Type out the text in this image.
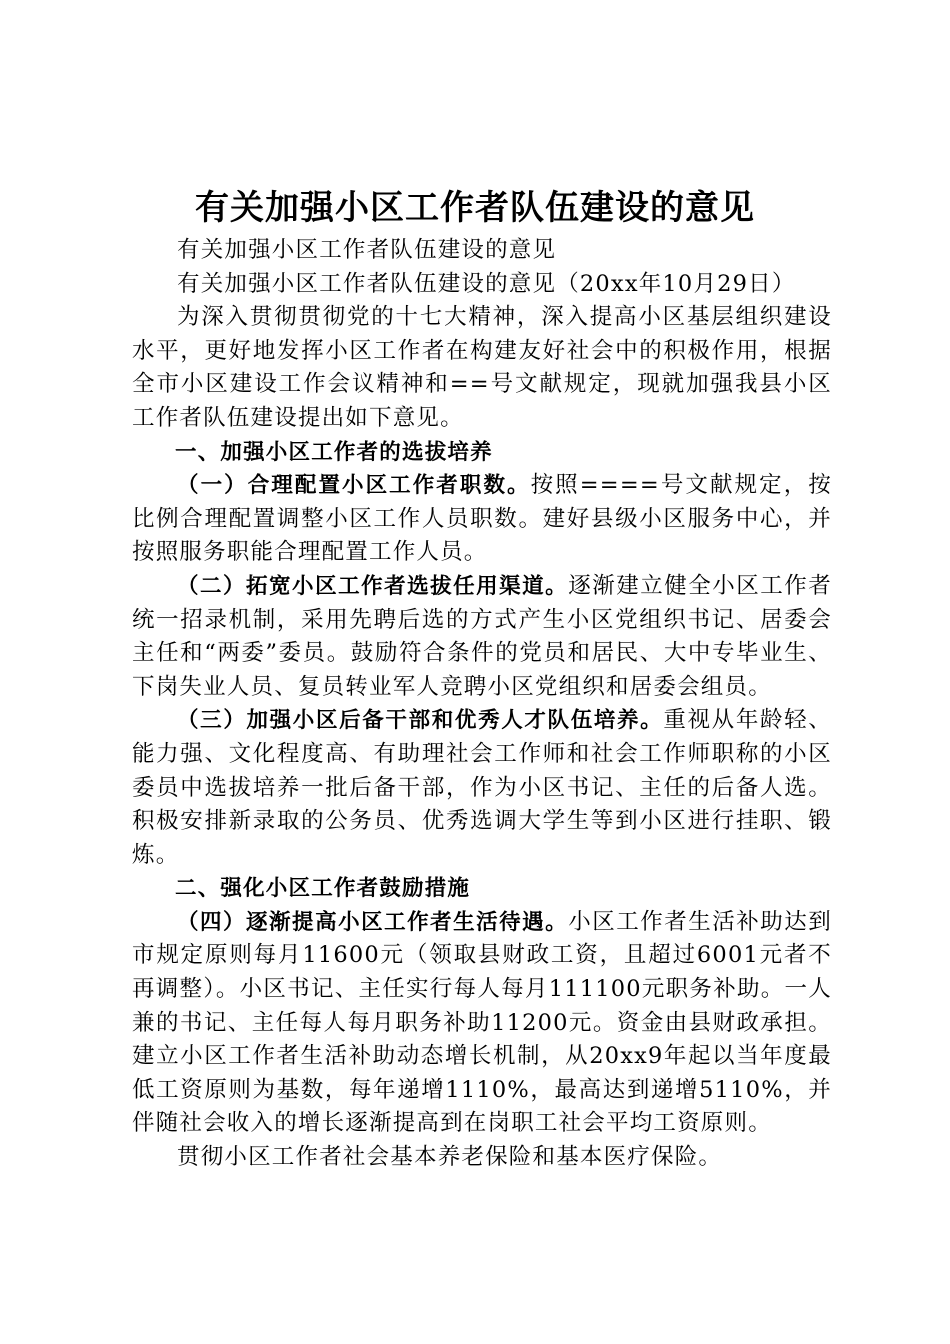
有关加强小区工作者队伍建设的意见

有关加强小区工作者队伍建设的意见

有关加强小区工作者队伍建设的意见（20xx年10月29日）

为深入贯彻贯彻党的十七大精神，深入提高小区基层组织建设水平，更好地发挥小区工作者在构建友好社会中的积极作用，根据全市小区建设工作会议精神和==号文献规定，现就加强我县小区工作者队伍建设提出如下意见。

一、加强小区工作者的选拔培养

（一）合理配置小区工作者职数。按照====号文献规定，按比例合理配置调整小区工作人员职数。建好县级小区服务中心，并按照服务职能合理配置工作人员。

（二）拓宽小区工作者选拔任用渠道。逐渐建立健全小区工作者统一招录机制，采用先聘后选的方式产生小区党组织书记、居委会主任和“两委”委员。鼓励符合条件的党员和居民、大中专毕业生、下岗失业人员、复员转业军人竞聘小区党组织和居委会组员。

（三）加强小区后备干部和优秀人才队伍培养。重视从年龄轻、能力强、文化程度高、有助理社会工作师和社会工作师职称的小区委员中选拔培养一批后备干部，作为小区书记、主任的后备人选。积极安排新录取的公务员、优秀选调大学生等到小区进行挂职、锻炼。

二、强化小区工作者鼓励措施

（四）逐渐提高小区工作者生活待遇。小区工作者生活补助达到市规定原则每月11600元（领取县财政工资，且超过6001元者不再调整）。小区书记、主任实行每人每月111100元职务补助。一人兼的书记、主任每人每月职务补助11200元。资金由县财政承担。建立小区工作者生活补助动态增长机制，从20xx9年起以当年度最低工资原则为基数，每年递增1110%，最高达到递增5110%，并伴随社会收入的增长逐渐提高到在岗职工社会平均工资原则。

贯彻小区工作者社会基本养老保险和基本医疗保险。
